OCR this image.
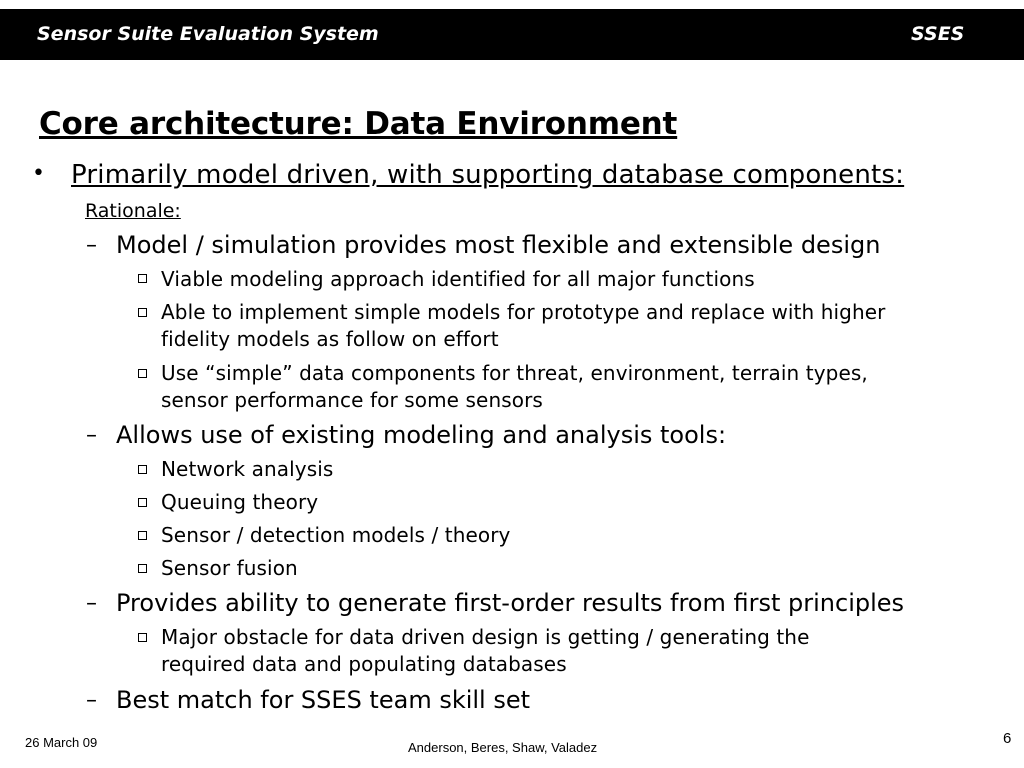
Sensor Suite Evaluation System	SSES
Core architecture: Data Environment
• Primarily model driven, with supporting database components:
Rationale:
– Model / simulation provides most flexible and extensible design
Viable modeling approach identified for all major functions
Able to implement simple models for prototype and replace with higher
fidelity models as follow on effort
Use “simple” data components for threat, environment, terrain types,
sensor performance for some sensors
– Allows use of existing modeling and analysis tools:
Network analysis
Queuing theory
Sensor / detection models / theory
Sensor fusion
– Provides ability to generate first-order results from first principles
Major obstacle for data driven design is getting / generating the
required data and populating databases
– Best match for SSES team skill set
26 March 09	Anderson, Beres, Shaw, Valadez
6
